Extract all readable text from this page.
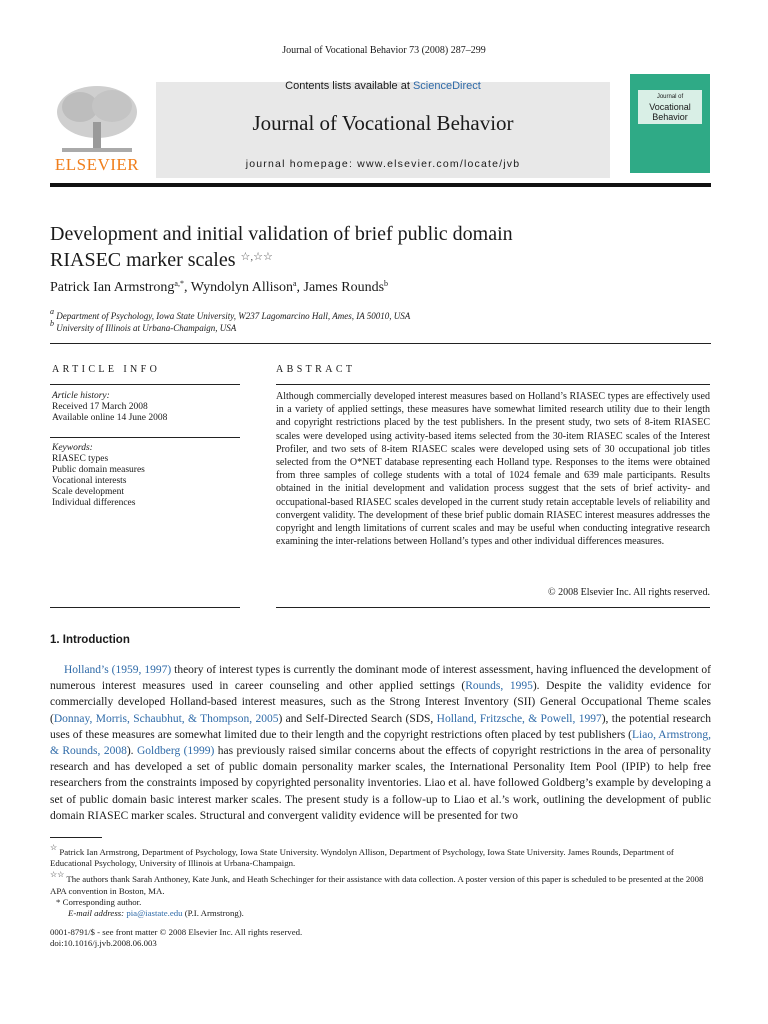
Journal of Vocational Behavior 73 (2008) 287–299
ELSEVIER
Contents lists available at ScienceDirect
Journal of Vocational Behavior
journal homepage: www.elsevier.com/locate/jvb
Journal of
Vocational
Behavior
Development and initial validation of brief public domain
RIASEC marker scales ☆,☆☆
Patrick Ian Armstrong$^{a,*}$, Wyndolyn Allison$^a$, James Rounds$^b$
a Department of Psychology, Iowa State University, W237 Lagomarcino Hall, Ames, IA 50010, USA
b University of Illinois at Urbana-Champaign, USA
ARTICLE INFO
Article history:
Received 17 March 2008
Available online 14 June 2008
Keywords:
RIASEC types
Public domain measures
Vocational interests
Scale development
Individual differences
ABSTRACT
Although commercially developed interest measures based on Holland’s RIASEC types are effectively used in a variety of applied settings, these measures have somewhat limited research utility due to their length and copyright restrictions placed by the test publishers. In the present study, two sets of 8-item RIASEC scales were developed using activity-based items selected from the 30-item RIASEC scales of the Interest Profiler, and two sets of 8-item RIASEC scales were developed using sets of 30 occupational job titles selected from the O*NET database representing each Holland type. Responses to the items were obtained from three samples of college students with a total of 1024 female and 639 male participants. Results obtained in the initial development and validation process suggest that the sets of brief activity- and occupational-based RIASEC scales developed in the current study retain acceptable levels of reliability and convergent validity. The development of these brief public domain RIASEC interest measures addresses the copyright and length limitations of current scales and may be useful when conducting integrative research examining the inter-relations between Holland’s types and other individual differences measures.
© 2008 Elsevier Inc. All rights reserved.
1. Introduction
Holland’s (1959, 1997) theory of interest types is currently the dominant mode of interest assessment, having influenced the development of numerous interest measures used in career counseling and other applied settings (Rounds, 1995). Despite the validity evidence for commercially developed Holland-based interest measures, such as the Strong Interest Inventory (SII) General Occupational Theme scales (Donnay, Morris, Schaubhut, & Thompson, 2005) and Self-Directed Search (SDS, Holland, Fritzsche, & Powell, 1997), the potential research uses of these measures are somewhat limited due to their length and the copyright restrictions often placed by test publishers (Liao, Armstrong, & Rounds, 2008). Goldberg (1999) has previously raised similar concerns about the effects of copyright restrictions in the area of personality research and has developed a set of public domain personality marker scales, the International Personality Item Pool (IPIP) to help free researchers from the constraints imposed by copyrighted personality inventories. Liao et al. have followed Goldberg’s example by developing a set of public domain basic interest marker scales. The present study is a follow-up to Liao et al.’s work, outlining the development of public domain RIASEC marker scales. Structural and convergent validity evidence will be presented for two

☆ Patrick Ian Armstrong, Department of Psychology, Iowa State University. Wyndolyn Allison, Department of Psychology, Iowa State University. James Rounds, Department of Educational Psychology, University of Illinois at Urbana-Champaign.

☆☆ The authors thank Sarah Anthoney, Kate Junk, and Heath Schechinger for their assistance with data collection. A poster version of this paper is scheduled to be presented at the 2008 APA convention in Boston, MA.

* Corresponding author.

E-mail address: pia@iastate.edu (P.I. Armstrong).

0001-8791/$ - see front matter © 2008 Elsevier Inc. All rights reserved.
doi:10.1016/j.jvb.2008.06.003
